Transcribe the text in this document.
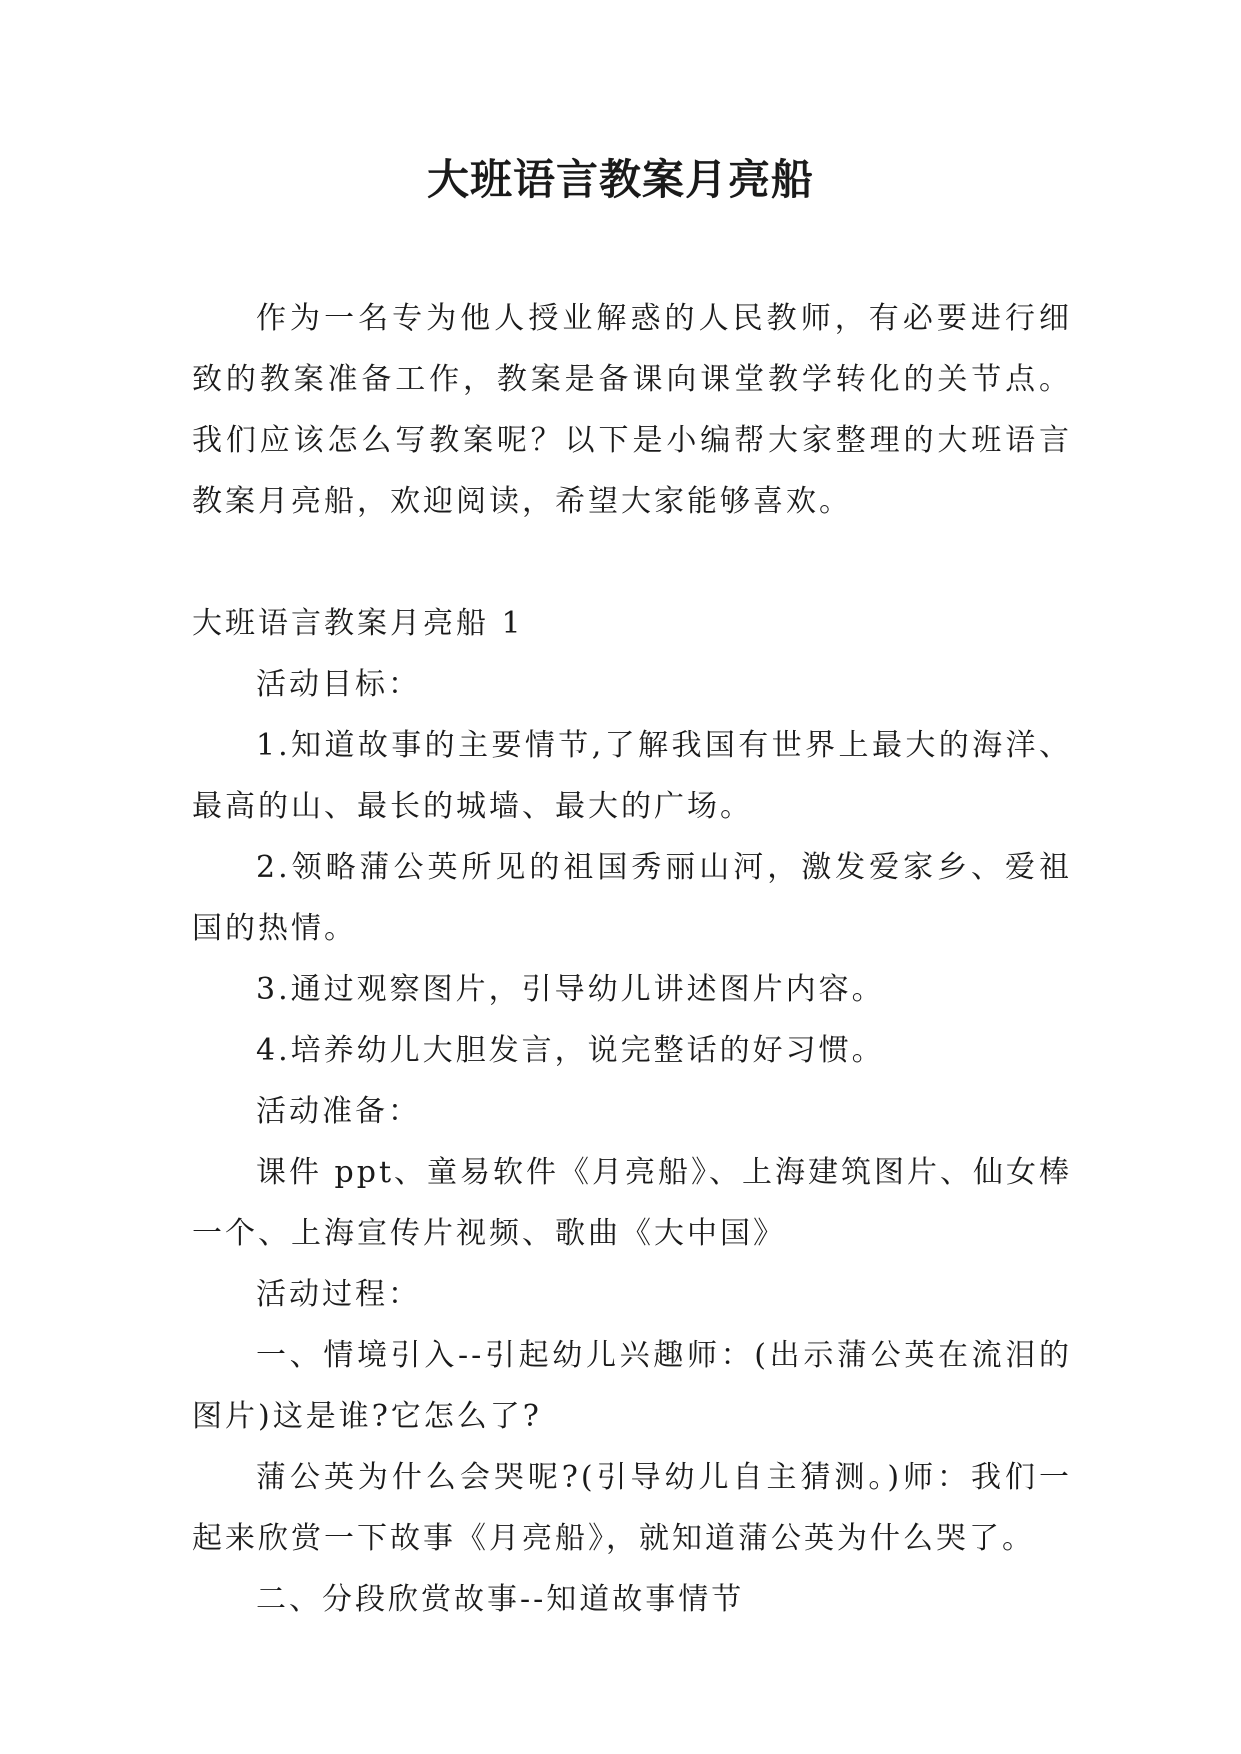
大班语言教案月亮船

作为一名专为他人授业解惑的人民教师，有必要进行细致的教案准备工作，教案是备课向课堂教学转化的关节点。我们应该怎么写教案呢？以下是小编帮大家整理的大班语言教案月亮船，欢迎阅读，希望大家能够喜欢。

大班语言教案月亮船 1

活动目标：

1.知道故事的主要情节,了解我国有世界上最大的海洋、最高的山、最长的城墙、最大的广场。

2.领略蒲公英所见的祖国秀丽山河，激发爱家乡、爱祖国的热情。

3.通过观察图片，引导幼儿讲述图片内容。

4.培养幼儿大胆发言，说完整话的好习惯。

活动准备：

课件 ppt、童易软件《月亮船》、上海建筑图片、仙女棒一个、上海宣传片视频、歌曲《大中国》

活动过程：

一、情境引入--引起幼儿兴趣师：(出示蒲公英在流泪的图片)这是谁?它怎么了?

蒲公英为什么会哭呢?(引导幼儿自主猜测。)师：我们一起来欣赏一下故事《月亮船》，就知道蒲公英为什么哭了。

二、分段欣赏故事--知道故事情节
